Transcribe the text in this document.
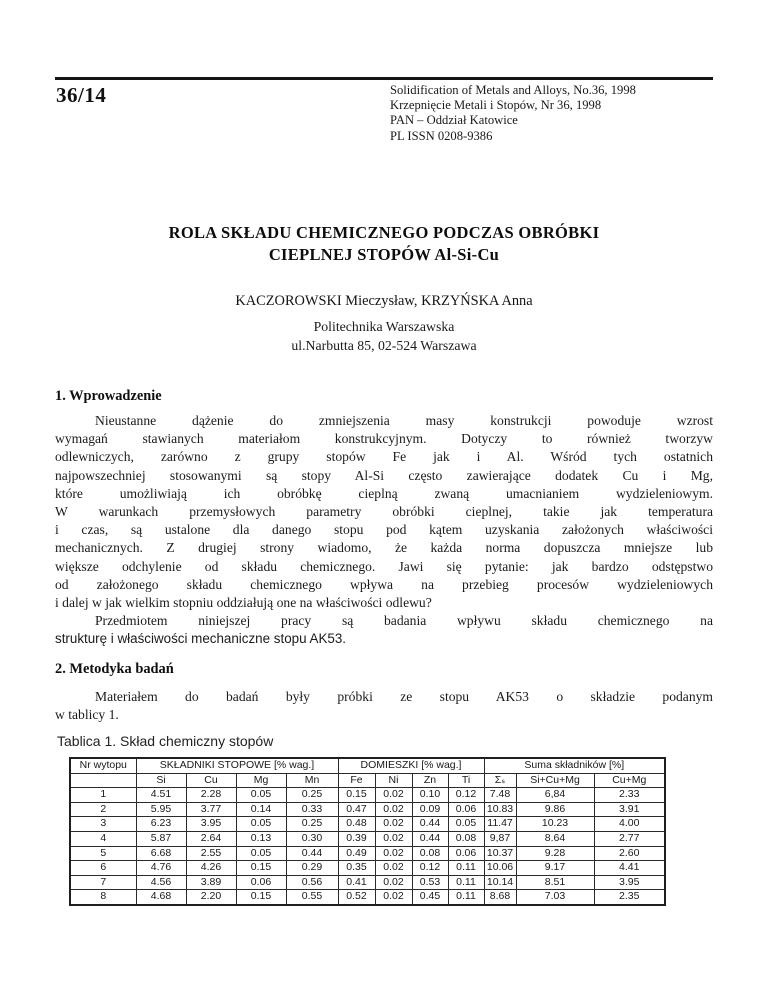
36/14	Solidification of Metals and Alloys, No.36, 1998
Krzepnięcie Metali i Stopów, Nr 36, 1998
PAN – Oddział Katowice
PL ISSN 0208-9386
ROLA SKŁADU CHEMICZNEGO PODCZAS OBRÓBKI
CIEPLNEJ STOPÓW Al-Si-Cu
KACZOROWSKI Mieczysław, KRZYŃSKA Anna
Politechnika Warszawska
ul.Narbutta 85, 02-524 Warszawa
1. Wprowadzenie
Nieustanne dążenie do zmniejszenia masy konstrukcji powoduje wzrost
wymagań stawianych materiałom konstrukcyjnym. Dotyczy to również tworzyw
odlewniczych, zarówno z grupy stopów Fe jak i Al. Wśród tych ostatnich
najpowszechniej stosowanymi są stopy Al-Si często zawierające dodatek Cu i Mg,
które umożliwiają ich obróbkę cieplną zwaną umacnianiem wydzieleniowym.
W warunkach przemysłowych parametry obróbki cieplnej, takie jak temperatura
i czas, są ustalone dla danego stopu pod kątem uzyskania założonych właściwości
mechanicznych. Z drugiej strony wiadomo, że każda norma dopuszcza mniejsze lub
większe odchylenie od składu chemicznego. Jawi się pytanie: jak bardzo odstępstwo
od założonego składu chemicznego wpływa na przebieg procesów wydzieleniowych
i dalej w jak wielkim stopniu oddziałują one na właściwości odlewu?
Przedmiotem niniejszej pracy są badania wpływu składu chemicznego na
strukturę i właściwości mechaniczne stopu AK53.
2. Metodyka badań
Materiałem do badań były próbki ze stopu AK53 o składzie podanym
w tablicy 1.
Tablica 1. Skład chemiczny stopów
Nr wytopu	SKŁADNIKI STOPOWE [% wag.]				DOMIESZKI [% wag.]				Suma składników [%]		
	Si	Cu	Mg	Mn	Fe	Ni	Zn	Ti	Σₛ	Si+Cu+Mg	Cu+Mg
1	4.51	2.28	0.05	0.25	0.15	0.02	0.10	0.12	7.48	6,84	2.33
2	5.95	3.77	0.14	0.33	0.47	0.02	0.09	0.06	10.83	9.86	3.91
3	6.23	3.95	0.05	0.25	0.48	0.02	0.44	0.05	11.47	10.23	4.00
4	5.87	2.64	0.13	0.30	0.39	0.02	0.44	0.08	9,87	8.64	2.77
5	6.68	2.55	0.05	0.44	0.49	0.02	0.08	0.06	10.37	9.28	2.60
6	4.76	4.26	0.15	0.29	0.35	0.02	0.12	0.11	10.06	9.17	4.41
7	4.56	3.89	0.06	0.56	0.41	0.02	0.53	0.11	10.14	8.51	3.95
8	4.68	2.20	0.15	0.55	0.52	0.02	0.45	0.11	8.68	7.03	2.35
